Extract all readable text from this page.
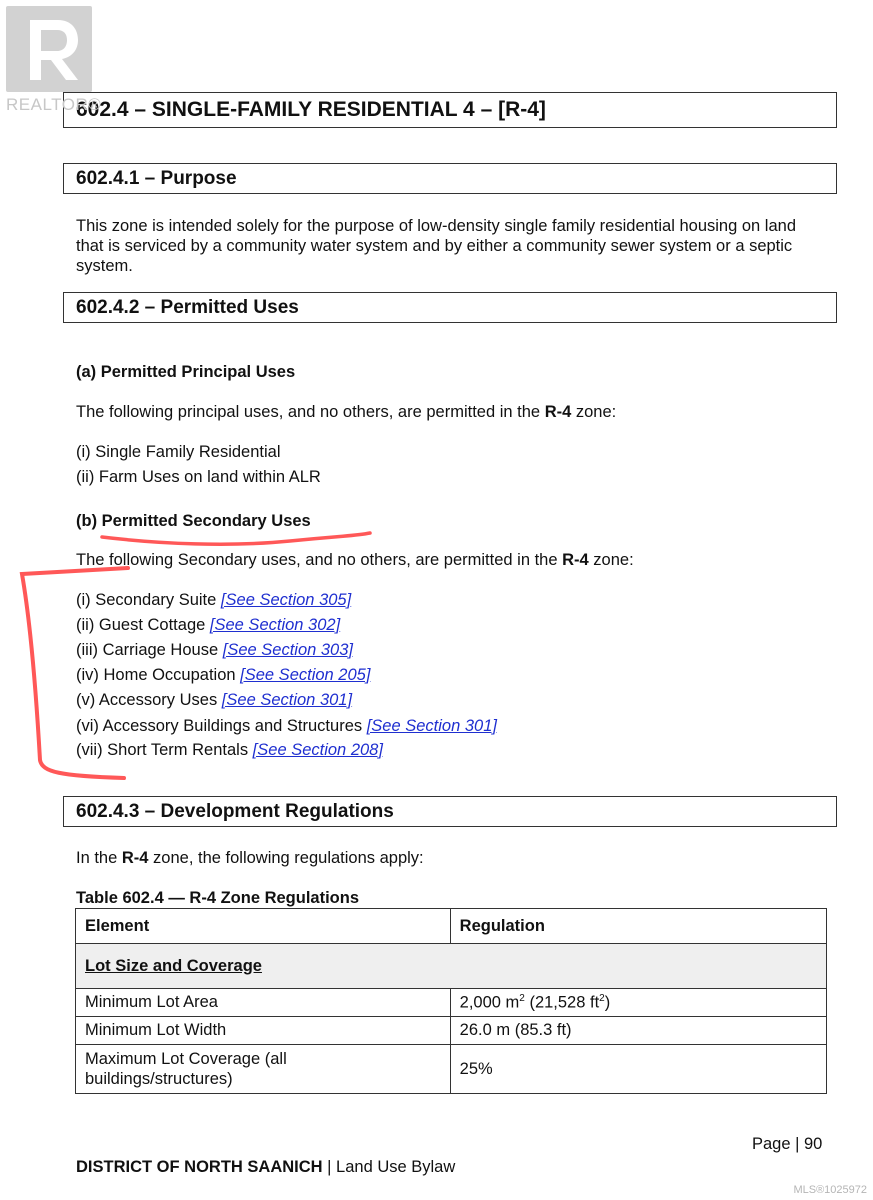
602.4 – SINGLE-FAMILY RESIDENTIAL 4 – [R-4]
REALTOR®
602.4.1 – Purpose
This zone is intended solely for the purpose of low-density single family residential housing on land that is serviced by a community water system and by either a community sewer system or a septic system.
602.4.2 – Permitted Uses
(a) Permitted Principal Uses
The following principal uses, and no others, are permitted in the R-4 zone:
(i) Single Family Residential
(ii) Farm Uses on land within ALR
(b) Permitted Secondary Uses
The following Secondary uses, and no others, are permitted in the R-4 zone:
(i) Secondary Suite [See Section 305]
(ii) Guest Cottage [See Section 302]
(iii) Carriage House [See Section 303]
(iv) Home Occupation [See Section 205]
(v) Accessory Uses [See Section 301]
(vi) Accessory Buildings and Structures [See Section 301]
(vii) Short Term Rentals [See Section 208]
602.4.3 – Development Regulations
In the R-4 zone, the following regulations apply:
Table 602.4 — R-4 Zone Regulations
Element	Regulation
Lot Size and Coverage	
Minimum Lot Area	2,000 $m^2$ (21,528 $ft^2$)
Minimum Lot Width	26.0 m (85.3 ft)

Maximum Lot Coverage (all buildings/structures)	25%
Page | 90
DISTRICT OF NORTH SAANICH | Land Use Bylaw
MLS®1025972
